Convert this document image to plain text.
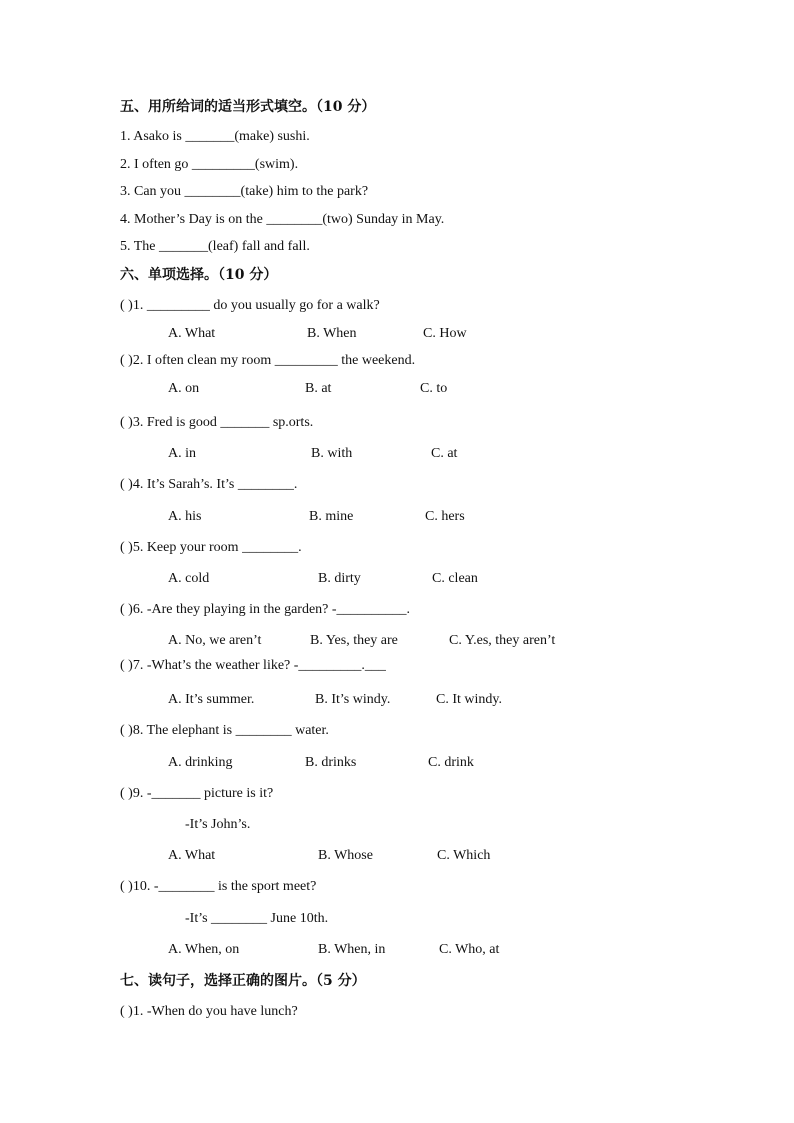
五、用所给词的适当形式填空。（10 分）
1. Asako is _______(make) sushi.
2. I often go _________(swim).
3. Can you ________(take) him to the park?
4. Mother’s Day is on the ________(two) Sunday in May.
5. The _______(leaf) fall and fall.
六、单项选择。（10 分）
( )1. _________ do you usually go for a walk?
A. What	B. When	C. How
( )2. I often clean my room _________ the weekend.
A. on	B. at	C. to
( )3. Fred is good _______ sp.orts.
A. in	B. with	C. at
( )4. It’s Sarah’s. It’s ________.
A. his	B. mine	C. hers
( )5. Keep your room ________.
A. cold	B. dirty	C. clean
( )6. -Are they playing in the garden? -__________.
A. No, we aren’t	B. Yes, they are	C. Y.es, they aren’t
( )7. -What’s the weather like? -_________.___
A. It’s summer.	B. It’s windy.	C. It windy.
( )8. The elephant is ________ water.
A. drinking	B. drinks	C. drink
( )9. -_______ picture is it?
-It’s John’s.
A. What	B. Whose	C. Which
( )10. -________ is the sport meet?
-It’s ________ June 10th.
A. When, on	B. When, in	C. Who, at
七、读句子，选择正确的图片。（5 分）
( )1. -When do you have lunch?
